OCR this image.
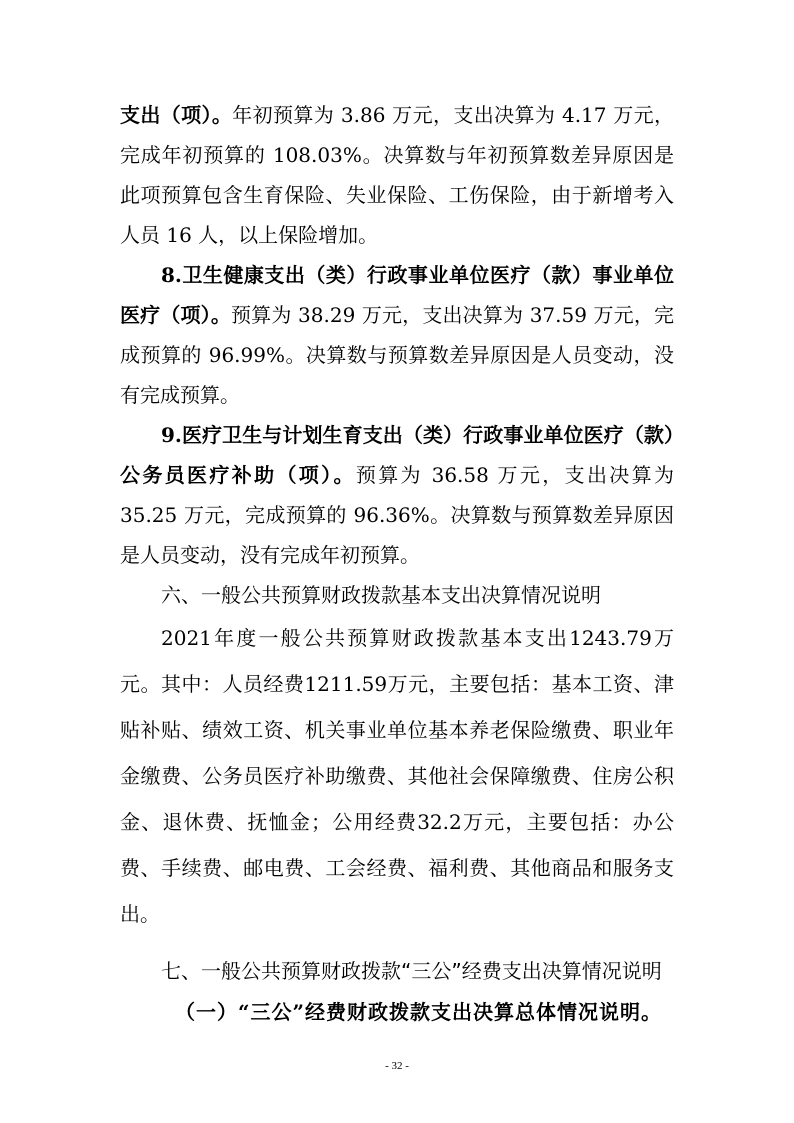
支出（项）。年初预算为 3.86 万元，支出决算为 4.17 万元，完成年初预算的 108.03%。决算数与年初预算数差异原因是此项预算包含生育保险、失业保险、工伤保险，由于新增考入人员 16 人，以上保险增加。

8.卫生健康支出（类）行政事业单位医疗（款）事业单位医疗（项）。预算为 38.29 万元，支出决算为 37.59 万元，完成预算的 96.99%。决算数与预算数差异原因是人员变动，没有完成预算。

9.医疗卫生与计划生育支出（类）行政事业单位医疗（款）公务员医疗补助（项）。预算为 36.58 万元，支出决算为 35.25 万元，完成预算的 96.36%。决算数与预算数差异原因是人员变动，没有完成年初预算。

六、一般公共预算财政拨款基本支出决算情况说明

2021年度一般公共预算财政拨款基本支出1243.79万元。其中：人员经费1211.59万元，主要包括：基本工资、津贴补贴、绩效工资、机关事业单位基本养老保险缴费、职业年金缴费、公务员医疗补助缴费、其他社会保障缴费、住房公积金、退休费、抚恤金；公用经费32.2万元，主要包括：办公费、手续费、邮电费、工会经费、福利费、其他商品和服务支出。

七、一般公共预算财政拨款“三公”经费支出决算情况说明

（一）“三公”经费财政拨款支出决算总体情况说明。

- 32 -
